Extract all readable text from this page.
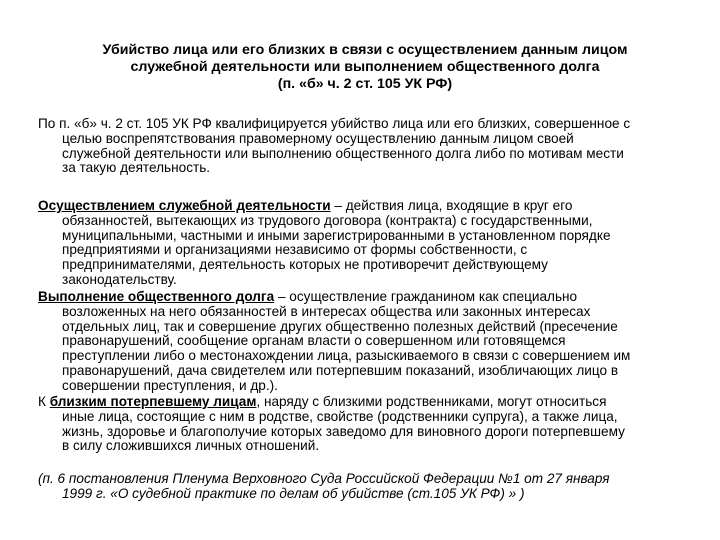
Убийство лица или его близких в связи с осуществлением данным лицом
служебной деятельности или выполнением общественного долга
(п. «б» ч. 2 ст. 105 УК РФ)
По п. «б» ч. 2 ст. 105 УК РФ квалифицируется убийство лица или его близких, совершенное с
целью воспрепятствования правомерному осуществлению данным лицом своей
служебной деятельности или выполнению общественного долга либо по мотивам мести
за такую деятельность.
Осуществлением служебной деятельности – действия лица, входящие в круг его
обязанностей, вытекающих из трудового договора (контракта) с государственными,
муниципальными, частными и иными зарегистрированными в установленном порядке
предприятиями и организациями независимо от формы собственности, с
предпринимателями, деятельность которых не противоречит действующему
законодательству.
Выполнение общественного долга – осуществление гражданином как специально
возложенных на него обязанностей в интересах общества или законных интересах
отдельных лиц, так и совершение других общественно полезных действий (пресечение
правонарушений, сообщение органам власти о совершенном или готовящемся
преступлении либо о местонахождении лица, разыскиваемого в связи с совершением им
правонарушений, дача свидетелем или потерпевшим показаний, изобличающих лицо в
совершении преступления, и др.).
К близким потерпевшему лицам, наряду с близкими родственниками, могут относиться
иные лица, состоящие с ним в родстве, свойстве (родственники супруга), а также лица,
жизнь, здоровье и благополучие которых заведомо для виновного дороги потерпевшему
в силу сложившихся личных отношений.
(п. 6 постановления Пленума Верховного Суда Российской Федерации №1 от 27 января
1999 г. «О судебной практике по делам об убийстве (ст.105 УК РФ) » )
